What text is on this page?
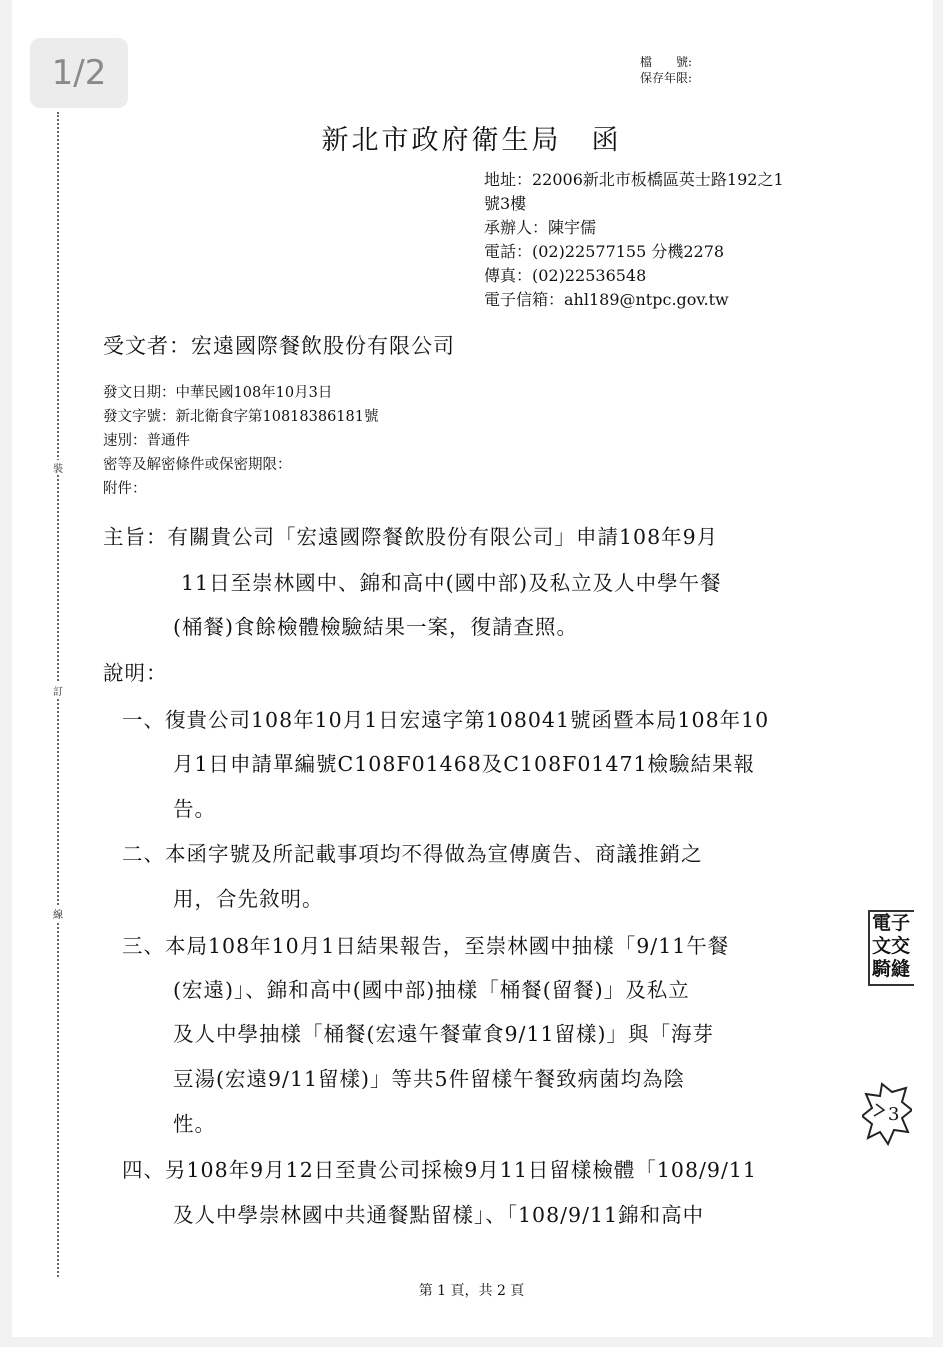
1/2
裝
訂
線
檔　　號:
保存年限:
新北市政府衛生局　函
地址：22006新北市板橋區英士路192之1
號3樓
承辦人：陳宇儒
電話：(02)22577155 分機2278
傳真：(02)22536548
電子信箱：ahl189@ntpc.gov.tw
受文者：宏遠國際餐飲股份有限公司
發文日期：中華民國108年10月3日
發文字號：新北衛食字第10818386181號
速別：普通件
密等及解密條件或保密期限：
附件：
主旨：有關貴公司「宏遠國際餐飲股份有限公司」申請108年9月
11日至崇林國中、錦和高中(國中部)及私立及人中學午餐
(桶餐)食餘檢體檢驗結果一案，復請查照。
說明：
一、復貴公司108年10月1日宏遠字第108041號函暨本局108年10
月1日申請單編號C108F01468及C108F01471檢驗結果報
告。
二、本函字號及所記載事項均不得做為宣傳廣告、商議推銷之
用，合先敘明。
三、本局108年10月1日結果報告，至崇林國中抽樣「9/11午餐
(宏遠)」、錦和高中(國中部)抽樣「桶餐(留餐)」及私立
及人中學抽樣「桶餐(宏遠午餐葷食9/11留樣)」與「海芽
豆湯(宏遠9/11留樣)」等共5件留樣午餐致病菌均為陰
性。
四、另108年9月12日至貴公司採檢9月11日留樣檢體「108/9/11
及人中學崇林國中共通餐點留樣」、「108/9/11錦和高中
電子
文交
騎縫
3
第 1 頁，共 2 頁
